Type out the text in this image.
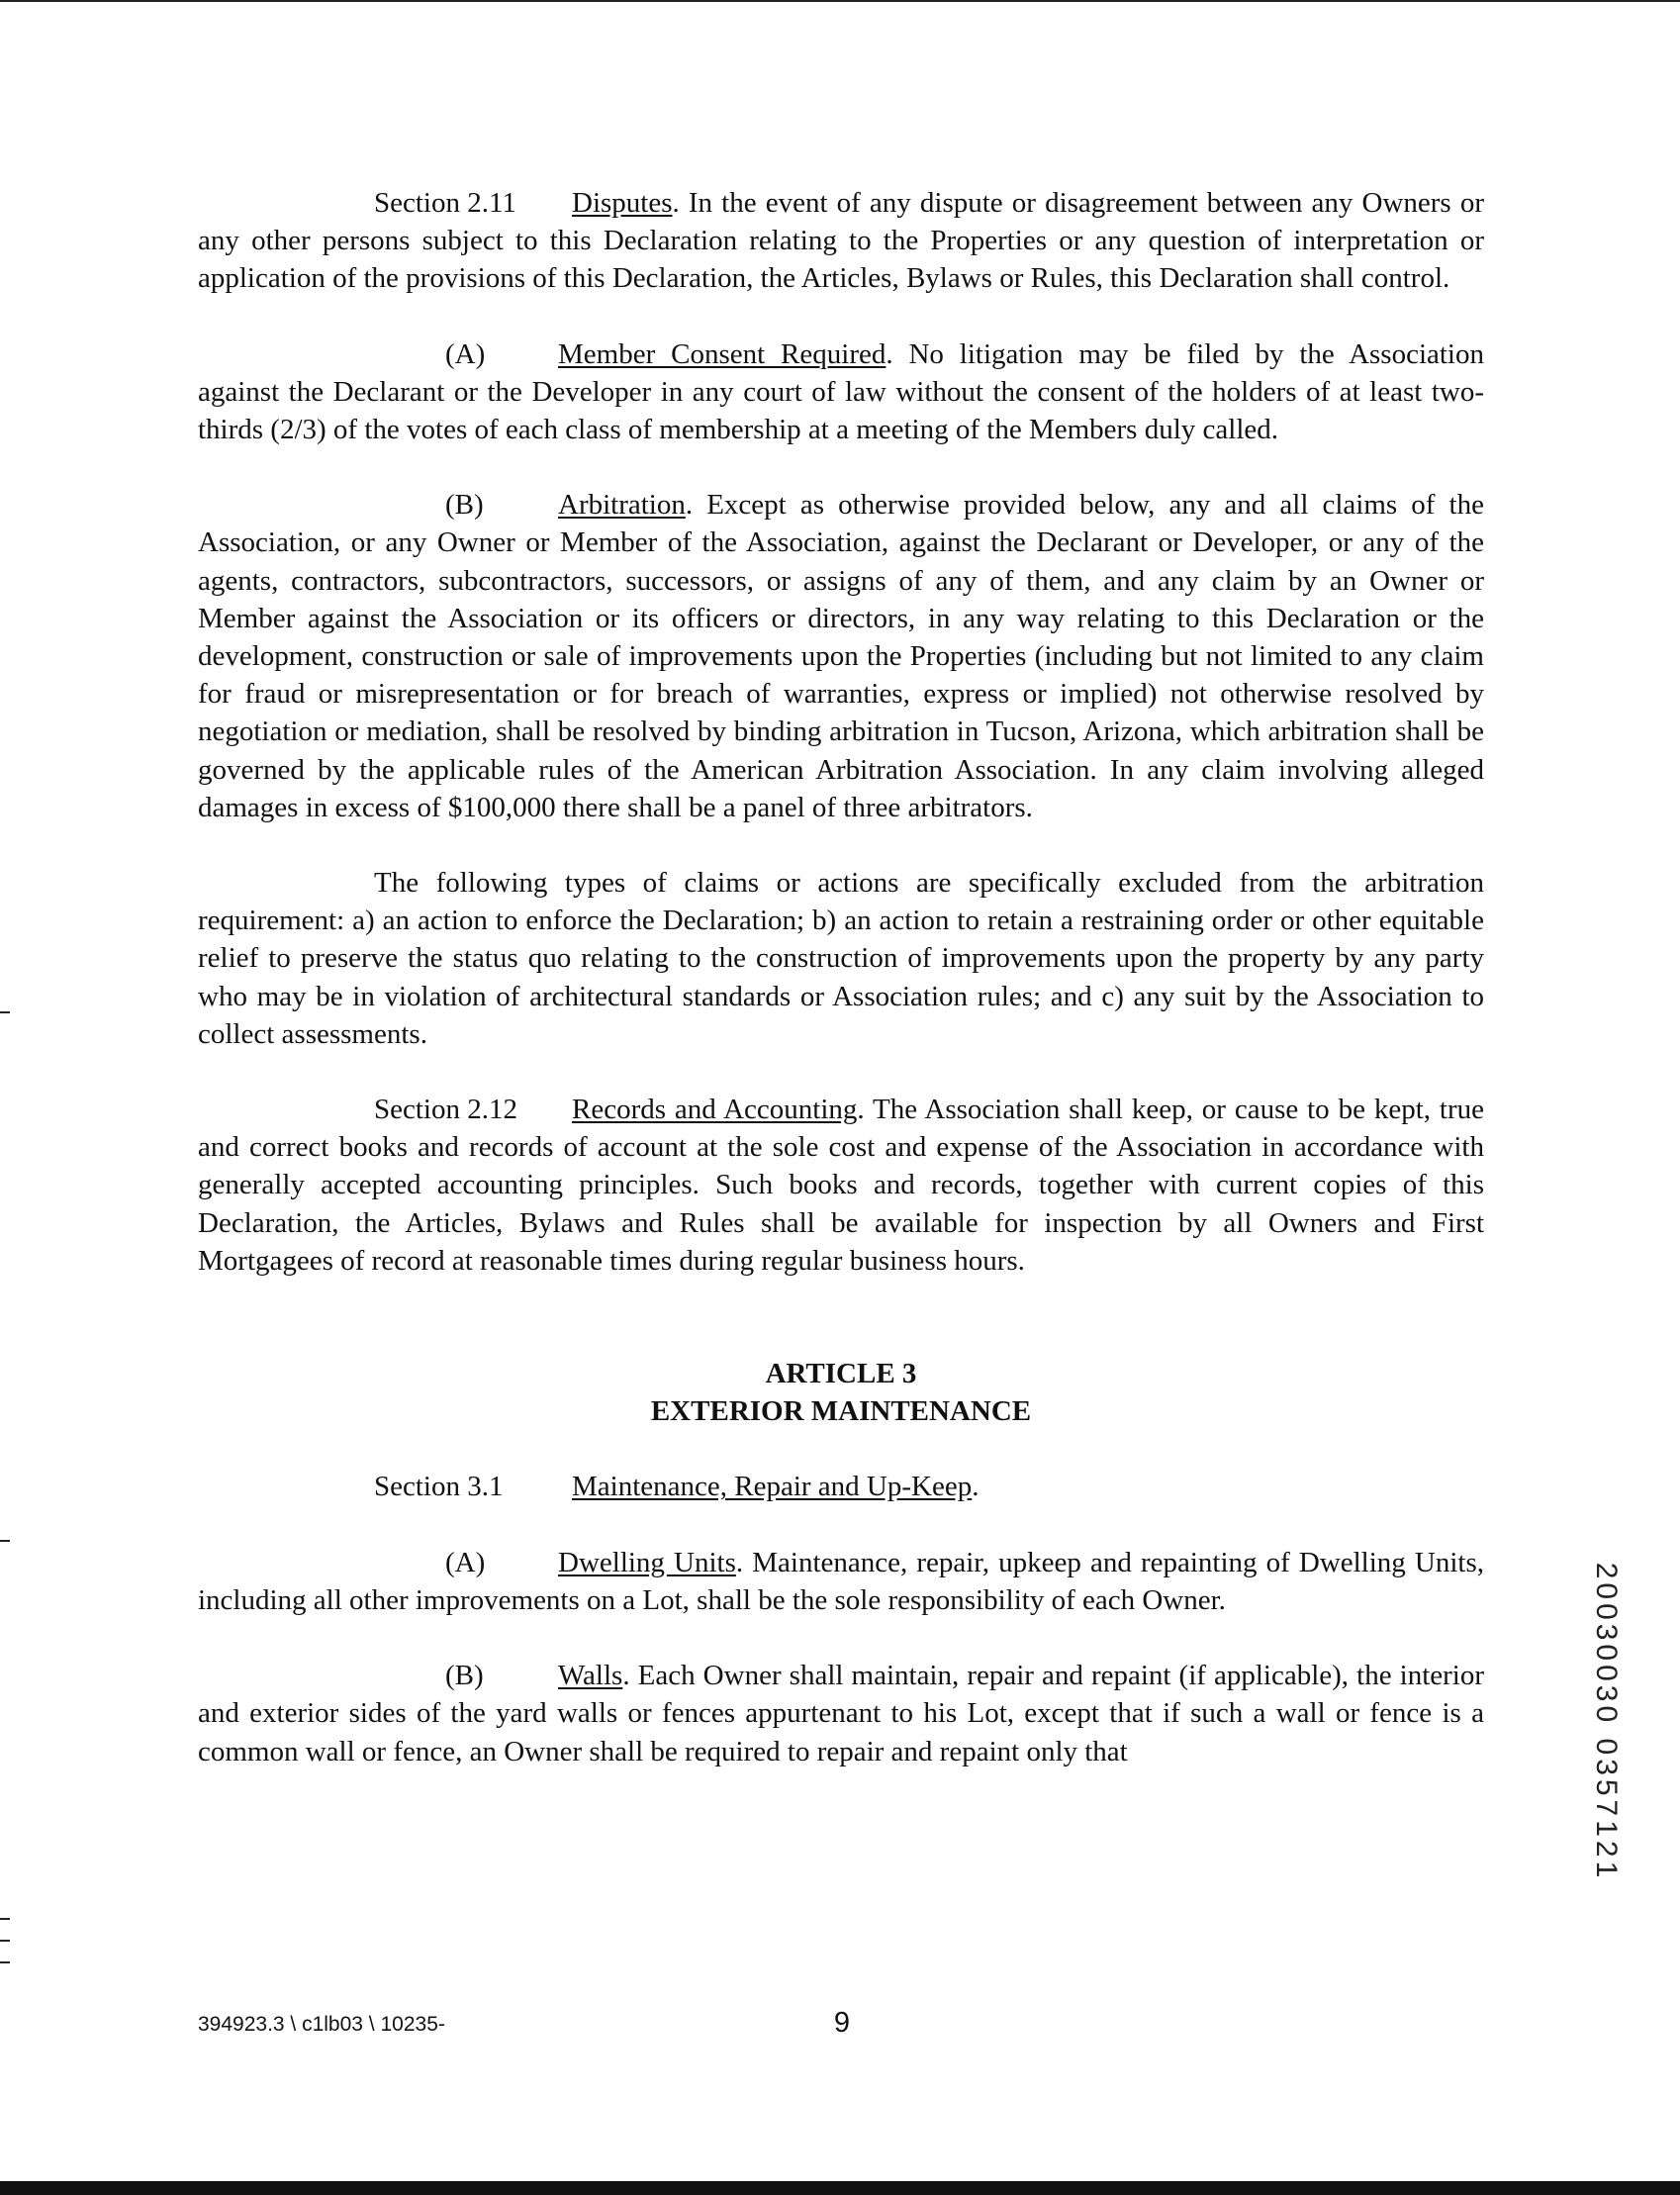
Section 2.11 Disputes. In the event of any dispute or disagreement between any Owners or any other persons subject to this Declaration relating to the Properties or any question of interpretation or application of the provisions of this Declaration, the Articles, Bylaws or Rules, this Declaration shall control.

(A)	Member Consent Required. No litigation may be filed by the Association against the Declarant or the Developer in any court of law without the consent of the holders of at least two-thirds (2/3) of the votes of each class of membership at a meeting of the Members duly called.

(B)	Arbitration. Except as otherwise provided below, any and all claims of the Association, or any Owner or Member of the Association, against the Declarant or Developer, or any of the agents, contractors, subcontractors, successors, or assigns of any of them, and any claim by an Owner or Member against the Association or its officers or directors, in any way relating to this Declaration or the development, construction or sale of improvements upon the Properties (including but not limited to any claim for fraud or misrepresentation or for breach of warranties, express or implied) not otherwise resolved by negotiation or mediation, shall be resolved by binding arbitration in Tucson, Arizona, which arbitration shall be governed by the applicable rules of the American Arbitration Association. In any claim involving alleged damages in excess of $100,000 there shall be a panel of three arbitrators.

The following types of claims or actions are specifically excluded from the arbitration requirement: a) an action to enforce the Declaration; b) an action to retain a restraining order or other equitable relief to preserve the status quo relating to the construction of improvements upon the property by any party who may be in violation of architectural standards or Association rules; and c) any suit by the Association to collect assessments.

Section 2.12 Records and Accounting. The Association shall keep, or cause to be kept, true and correct books and records of account at the sole cost and expense of the Association in accordance with generally accepted accounting principles. Such books and records, together with current copies of this Declaration, the Articles, Bylaws and Rules shall be available for inspection by all Owners and First Mortgagees of record at reasonable times during regular business hours.

ARTICLE 3
EXTERIOR MAINTENANCE

Section 3.1 Maintenance, Repair and Up-Keep.

(A)	Dwelling Units. Maintenance, repair, upkeep and repainting of Dwelling Units, including all other improvements on a Lot, shall be the sole responsibility of each Owner.

(B)	Walls. Each Owner shall maintain, repair and repaint (if applicable), the interior and exterior sides of the yard walls or fences appurtenant to his Lot, except that if such a wall or fence is a common wall or fence, an Owner shall be required to repair and repaint only that	20030030 0357121
394923.3 \ c1lb03 \ 10235-	9
